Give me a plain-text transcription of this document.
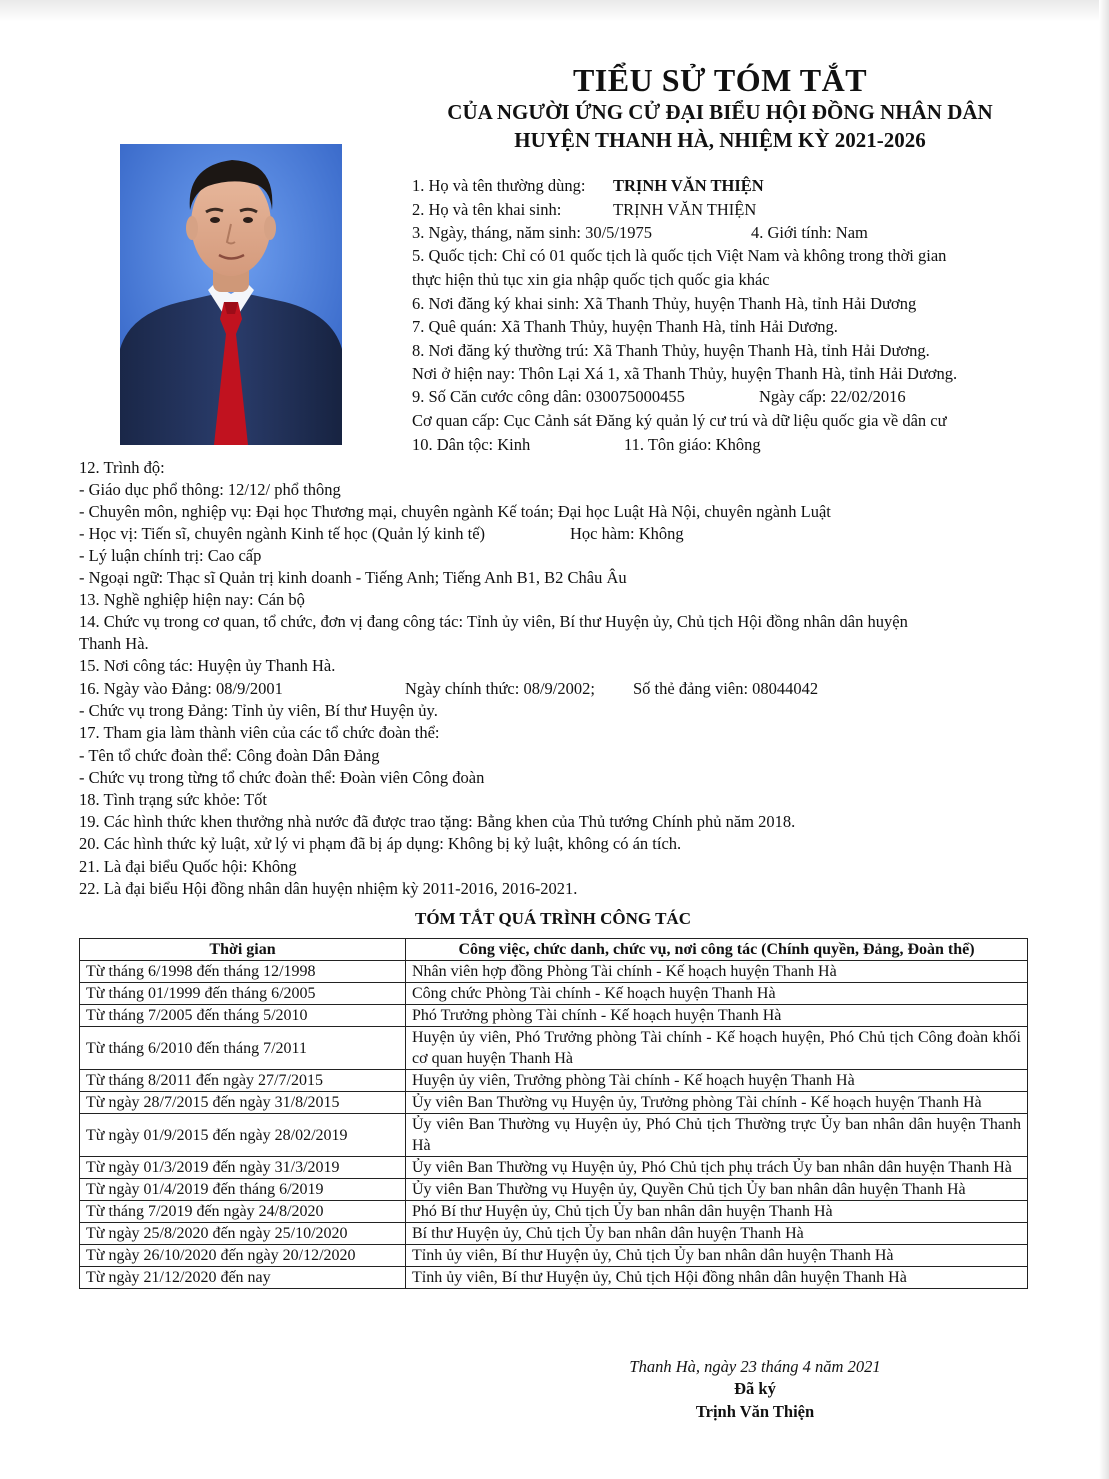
TIỂU SỬ TÓM TẮT
CỦA NGƯỜI ỨNG CỬ ĐẠI BIỂU HỘI ĐỒNG NHÂN DÂN
HUYỆN THANH HÀ, NHIỆM KỲ 2021-2026
1. Họ và tên thường dùng: TRỊNH VĂN THIỆN
2. Họ và tên khai sinh:	TRỊNH VĂN THIỆN
3. Ngày, tháng, năm sinh: 30/5/1975	4. Giới tính: Nam
5. Quốc tịch: Chỉ có 01 quốc tịch là quốc tịch Việt Nam và không trong thời gian
thực hiện thủ tục xin gia nhập quốc tịch quốc gia khác
6. Nơi đăng ký khai sinh: Xã Thanh Thủy, huyện Thanh Hà, tỉnh Hải Dương
7. Quê quán: Xã Thanh Thủy, huyện Thanh Hà, tỉnh Hải Dương.
8. Nơi đăng ký thường trú: Xã Thanh Thủy, huyện Thanh Hà, tỉnh Hải Dương.
Nơi ở hiện nay: Thôn Lại Xá 1, xã Thanh Thủy, huyện Thanh Hà, tỉnh Hải Dương.
9. Số Căn cước công dân: 030075000455	Ngày cấp: 22/02/2016
Cơ quan cấp: Cục Cảnh sát Đăng ký quản lý cư trú và dữ liệu quốc gia về dân cư
10. Dân tộc: Kinh	11. Tôn giáo: Không
12. Trình độ:
- Giáo dục phổ thông: 12/12/ phổ thông
- Chuyên môn, nghiệp vụ: Đại học Thương mại, chuyên ngành Kế toán; Đại học Luật Hà Nội, chuyên ngành Luật
- Học vị: Tiến sĩ, chuyên ngành Kinh tế học (Quản lý kinh tế)	Học hàm: Không
- Lý luận chính trị: Cao cấp
- Ngoại ngữ: Thạc sĩ Quản trị kinh doanh - Tiếng Anh; Tiếng Anh B1, B2 Châu Âu
13. Nghề nghiệp hiện nay: Cán bộ
14. Chức vụ trong cơ quan, tổ chức, đơn vị đang công tác: Tỉnh ủy viên, Bí thư Huyện ủy, Chủ tịch Hội đồng nhân dân huyện
Thanh Hà.
15. Nơi công tác: Huyện ủy Thanh Hà.
16. Ngày vào Đảng: 08/9/2001	Ngày chính thức: 08/9/2002; Số thẻ đảng viên: 08044042
- Chức vụ trong Đảng: Tỉnh ủy viên, Bí thư Huyện ủy.
17. Tham gia làm thành viên của các tổ chức đoàn thể:
- Tên tổ chức đoàn thể: Công đoàn Dân Đảng
- Chức vụ trong từng tổ chức đoàn thể: Đoàn viên Công đoàn
18. Tình trạng sức khỏe: Tốt
19. Các hình thức khen thưởng nhà nước đã được trao tặng: Bằng khen của Thủ tướng Chính phủ năm 2018.
20. Các hình thức kỷ luật, xử lý vi phạm đã bị áp dụng: Không bị kỷ luật, không có án tích.
21. Là đại biểu Quốc hội: Không
22. Là đại biểu Hội đồng nhân dân huyện nhiệm kỳ 2011-2016, 2016-2021.
TÓM TẮT QUÁ TRÌNH CÔNG TÁC
Thời gian	Công việc, chức danh, chức vụ, nơi công tác (Chính quyền, Đảng, Đoàn thể)
Từ tháng 6/1998 đến tháng 12/1998	Nhân viên hợp đồng Phòng Tài chính - Kế hoạch huyện Thanh Hà
Từ tháng 01/1999 đến tháng 6/2005	Công chức Phòng Tài chính - Kế hoạch huyện Thanh Hà
Từ tháng 7/2005 đến tháng 5/2010	Phó Trưởng phòng Tài chính - Kế hoạch huyện Thanh Hà
Từ tháng 6/2010 đến tháng 7/2011	Huyện ủy viên, Phó Trưởng phòng Tài chính - Kế hoạch huyện, Phó Chủ tịch Công đoàn khối cơ quan huyện Thanh Hà
Từ tháng 8/2011 đến ngày 27/7/2015	Huyện ủy viên, Trưởng phòng Tài chính - Kế hoạch huyện Thanh Hà
Từ ngày 28/7/2015 đến ngày 31/8/2015	Ủy viên Ban Thường vụ Huyện ủy, Trưởng phòng Tài chính - Kế hoạch huyện Thanh Hà
Từ ngày 01/9/2015 đến ngày 28/02/2019	Ủy viên Ban Thường vụ Huyện ủy, Phó Chủ tịch Thường trực Ủy ban nhân dân huyện Thanh Hà
Từ ngày 01/3/2019 đến ngày 31/3/2019	Ủy viên Ban Thường vụ Huyện ủy, Phó Chủ tịch phụ trách Ủy ban nhân dân huyện Thanh Hà
Từ ngày 01/4/2019 đến tháng 6/2019	Ủy viên Ban Thường vụ Huyện ủy, Quyền Chủ tịch Ủy ban nhân dân huyện Thanh Hà
Từ tháng 7/2019 đến ngày 24/8/2020	Phó Bí thư Huyện ủy, Chủ tịch Ủy ban nhân dân huyện Thanh Hà
Từ ngày 25/8/2020 đến ngày 25/10/2020	Bí thư Huyện ủy, Chủ tịch Ủy ban nhân dân huyện Thanh Hà
Từ ngày 26/10/2020 đến ngày 20/12/2020	Tỉnh ủy viên, Bí thư Huyện ủy, Chủ tịch Ủy ban nhân dân huyện Thanh Hà
Từ ngày 21/12/2020 đến nay	Tỉnh ủy viên, Bí thư Huyện ủy, Chủ tịch Hội đồng nhân dân huyện Thanh Hà
Thanh Hà, ngày 23 tháng 4 năm 2021
Đã ký
Trịnh Văn Thiện
